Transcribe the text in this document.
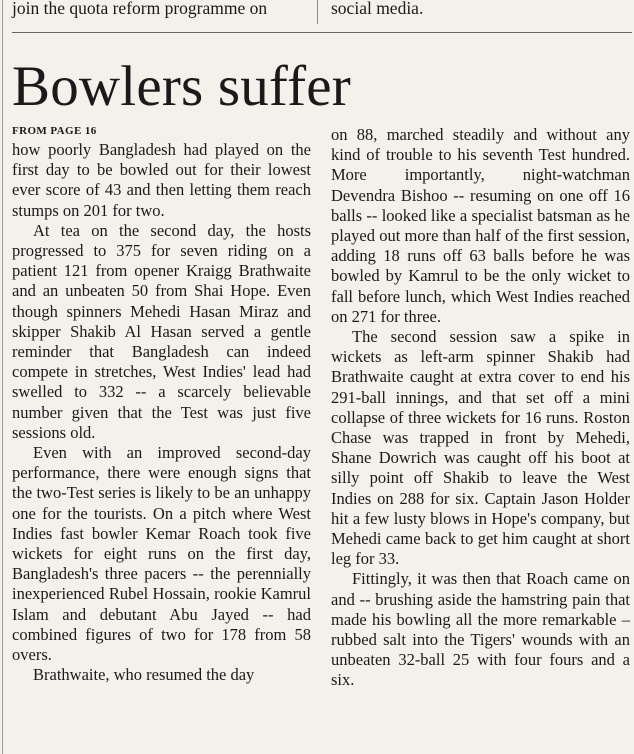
join the quota reform programme on	social media.
Bowlers suffer
FROM PAGE 16

how poorly Bangladesh had played on the first day to be bowled out for their lowest ever score of 43 and then letting them reach stumps on 201 for two.

At tea on the second day, the hosts progressed to 375 for seven riding on a patient 121 from opener Kraigg Brathwaite and an unbeaten 50 from Shai Hope. Even though spinners Mehedi Hasan Miraz and skipper Shakib Al Hasan served a gentle reminder that Bangladesh can indeed compete in stretches, West Indies' lead had swelled to 332 -- a scarcely believable number given that the Test was just five sessions old.

Even with an improved second-day performance, there were enough signs that the two-Test series is likely to be an unhappy one for the tourists. On a pitch where West Indies fast bowler Kemar Roach took five wickets for eight runs on the first day, Bangladesh's three pacers -- the perennially inexperienced Rubel Hossain, rookie Kamrul Islam and debutant Abu Jayed -- had combined figures of two for 178 from 58 overs.

Brathwaite, who resumed the day

on 88, marched steadily and without any kind of trouble to his seventh Test hundred. More importantly, night-watchman Devendra Bishoo -- resuming on one off 16 balls -- looked like a specialist batsman as he played out more than half of the first session, adding 18 runs off 63 balls before he was bowled by Kamrul to be the only wicket to fall before lunch, which West Indies reached on 271 for three.

The second session saw a spike in wickets as left-arm spinner Shakib had Brathwaite caught at extra cover to end his 291-ball innings, and that set off a mini collapse of three wickets for 16 runs. Roston Chase was trapped in front by Mehedi, Shane Dowrich was caught off his boot at silly point off Shakib to leave the West Indies on 288 for six. Captain Jason Holder hit a few lusty blows in Hope's company, but Mehedi came back to get him caught at short leg for 33.

Fittingly, it was then that Roach came on and -- brushing aside the hamstring pain that made his bowling all the more remarkable – rubbed salt into the Tigers' wounds with an unbeaten 32-ball 25 with four fours and a six.
